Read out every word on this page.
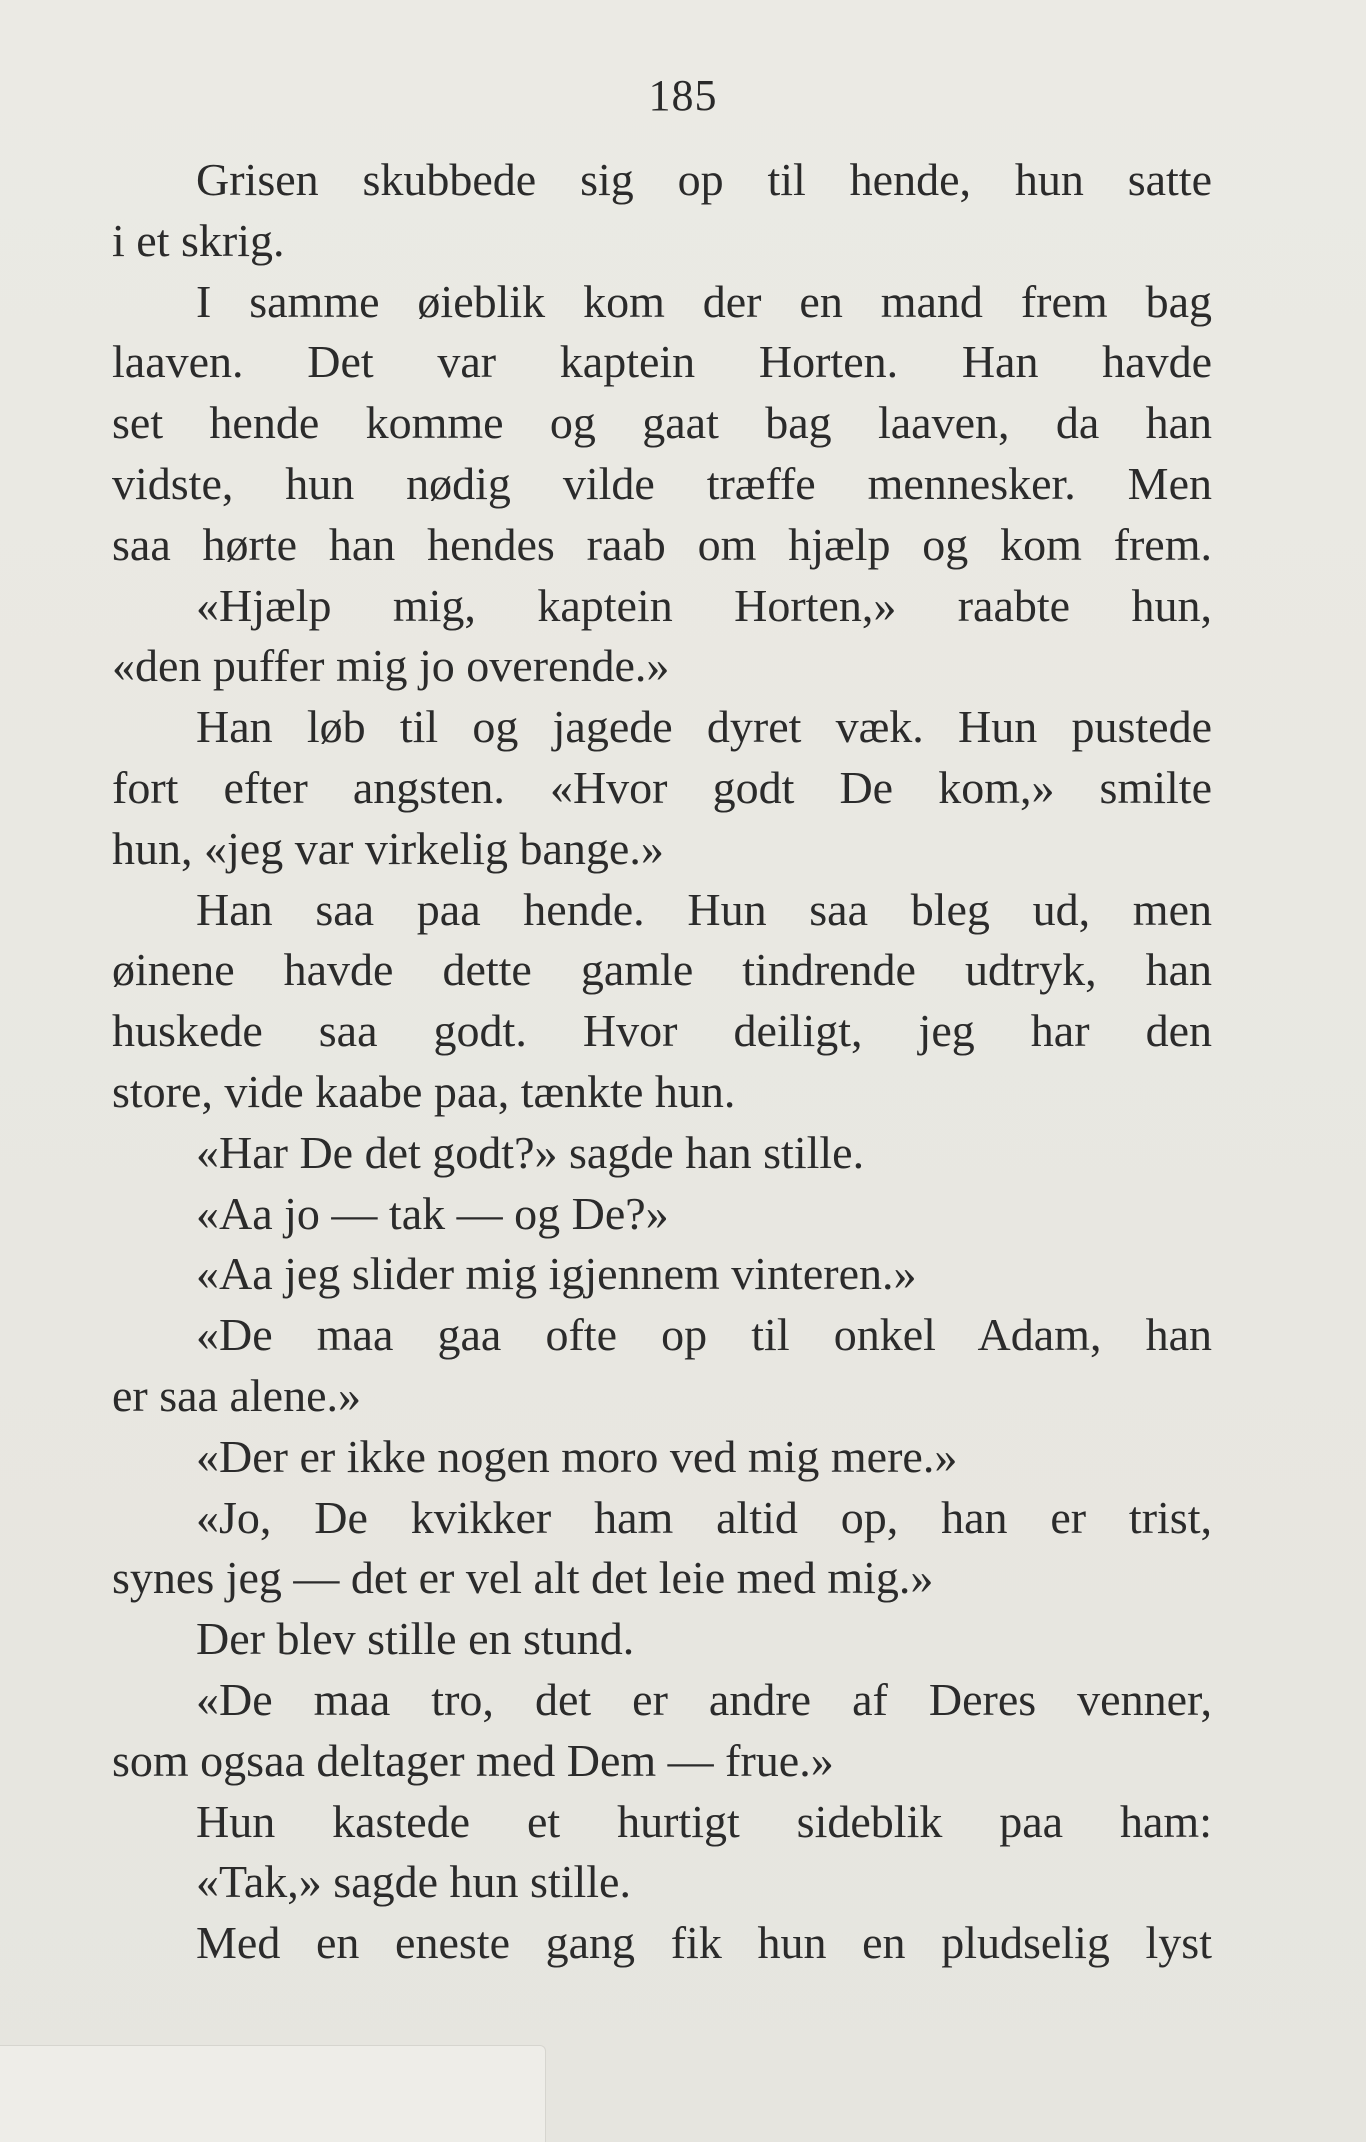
185
Grisen skubbede sig op til hende, hun satte
i et skrig.
I samme øieblik kom der en mand frem bag
laaven. Det var kaptein Horten. Han havde
set hende komme og gaat bag laaven, da han
vidste, hun nødig vilde træffe mennesker. Men
saa hørte han hendes raab om hjælp og kom frem.
«Hjælp mig, kaptein Horten,» raabte hun,
«den puffer mig jo overende.»
Han løb til og jagede dyret væk. Hun pustede
fort efter angsten. «Hvor godt De kom,» smilte
hun, «jeg var virkelig bange.»
Han saa paa hende. Hun saa bleg ud, men
øinene havde dette gamle tindrende udtryk, han
huskede saa godt. Hvor deiligt, jeg har den
store, vide kaabe paa, tænkte hun.
«Har De det godt?» sagde han stille.
«Aa jo — tak — og De?»
«Aa jeg slider mig igjennem vinteren.»
«De maa gaa ofte op til onkel Adam, han
er saa alene.»
«Der er ikke nogen moro ved mig mere.»
«Jo, De kvikker ham altid op, han er trist,
synes jeg — det er vel alt det leie med mig.»
Der blev stille en stund.
«De maa tro, det er andre af Deres venner,
som ogsaa deltager med Dem — frue.»
Hun kastede et hurtigt sideblik paa ham:
«Tak,» sagde hun stille.
Med en eneste gang fik hun en pludselig lyst
